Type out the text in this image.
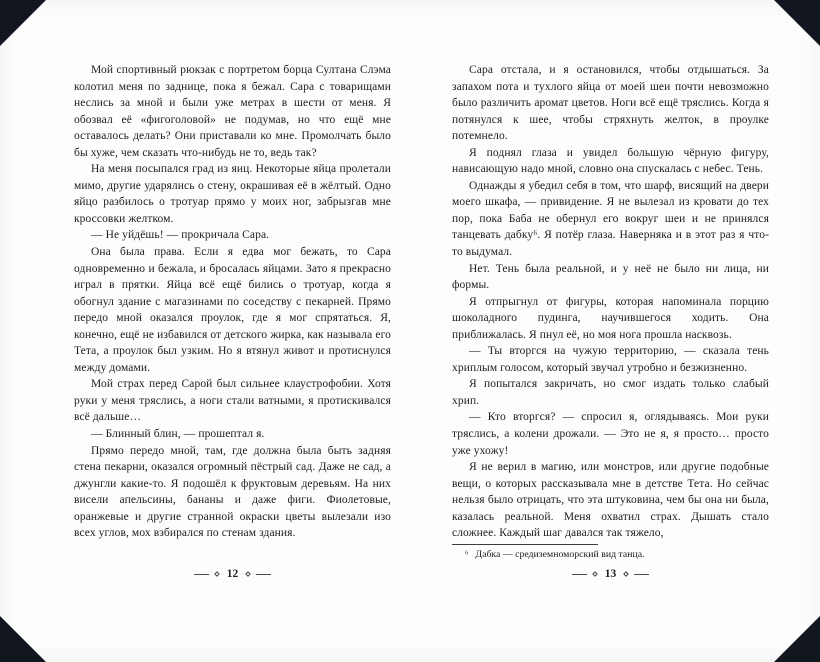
Мой спортивный рюкзак с портретом борца Султана Слэма колотил меня по заднице, пока я бежал. Сара с товарищами неслись за мной и были уже метрах в шести от меня. Я обозвал её «фигоголовой» не подумав, но что ещё мне оставалось делать? Они приставали ко мне. Промолчать было бы хуже, чем сказать что-нибудь не то, ведь так?

На меня посыпался град из яиц. Некоторые яйца пролетали мимо, другие ударялись о стену, окрашивая её в жёлтый. Одно яйцо разбилось о тротуар прямо у моих ног, забрызгав мне кроссовки желтком.

— Не уйдёшь! — прокричала Сара.

Она была права. Если я едва мог бежать, то Сара одновременно и бежала, и бросалась яйцами. Зато я прекрасно играл в прятки. Яйца всё ещё бились о тротуар, когда я обогнул здание с магазинами по соседству с пекарней. Прямо передо мной оказался проулок, где я мог спрятаться. Я, конечно, ещё не избавился от детского жирка, как называла его Тета, а проулок был узким. Но я втянул живот и протиснулся между домами.

Мой страх перед Сарой был сильнее клаустрофобии. Хотя руки у меня тряслись, а ноги стали ватными, я протискивался всё дальше…

— Блинный блин, — прошептал я.

Прямо передо мной, там, где должна была быть задняя стена пекарни, оказался огромный пёстрый сад. Даже не сад, а джунгли какие-то. Я подошёл к фруктовым деревьям. На них висели апельсины, бананы и даже фиги. Фиолетовые, оранжевые и другие странной окраски цветы вылезали изо всех углов, мох взбирался по стенам здания.

12

Сара отстала, и я остановился, чтобы отдышаться. За запахом пота и тухлого яйца от моей шеи почти невозможно было различить аромат цветов. Ноги всё ещё тряслись. Когда я потянулся к шее, чтобы стряхнуть желток, в проулке потемнело.

Я поднял глаза и увидел большую чёрную фигуру, нависающую надо мной, словно она спускалась с небес. Тень.

Однажды я убедил себя в том, что шарф, висящий на двери моего шкафа, — привидение. Я не вылезал из кровати до тех пор, пока Баба не обернул его вокруг шеи и не принялся танцевать дабку⁶. Я потёр глаза. Наверняка и в этот раз я что-то выдумал.

Нет. Тень была реальной, и у неё не было ни лица, ни формы.

Я отпрыгнул от фигуры, которая напоминала порцию шоколадного пудинга, научившегося ходить. Она приближалась. Я пнул её, но моя нога прошла насквозь.

— Ты вторгся на чужую территорию, — сказала тень хриплым голосом, который звучал утробно и безжизненно.

Я попытался закричать, но смог издать только слабый хрип.

— Кто вторгся? — спросил я, оглядываясь. Мои руки тряслись, а колени дрожали. — Это не я, я просто… просто уже ухожу!

Я не верил в магию, или монстров, или другие подобные вещи, о которых рассказывала мне в детстве Тета. Но сейчас нельзя было отрицать, что эта штуковина, чем бы она ни была, казалась реальной. Меня охватил страх. Дышать стало сложнее. Каждый шаг давался так тяжело,

⁶ Дабка — средиземноморский вид танца.
13
